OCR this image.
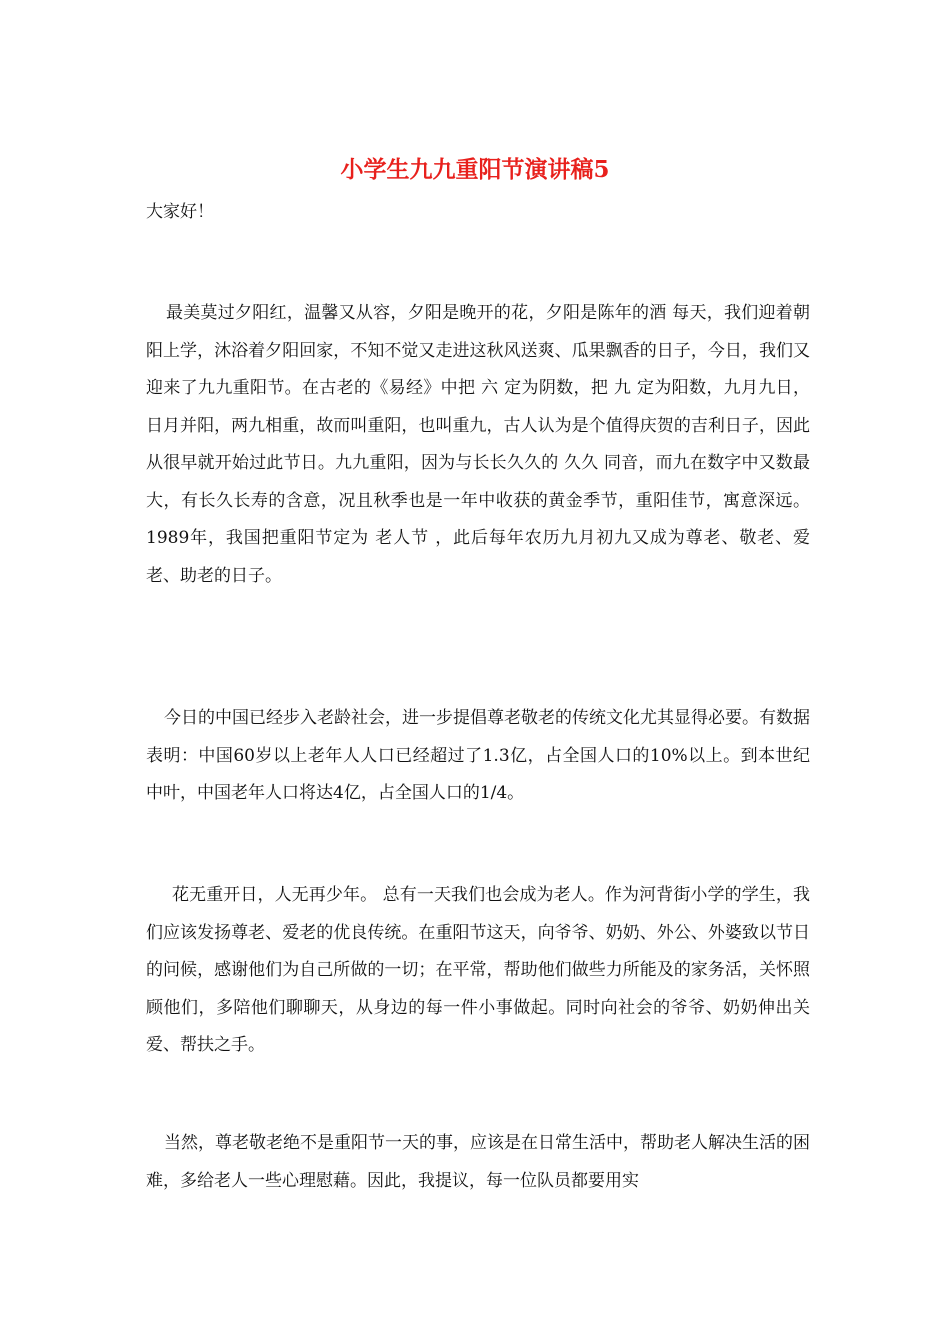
小学生九九重阳节演讲稿5
大家好！

最美莫过夕阳红，温馨又从容，夕阳是晚开的花，夕阳是陈年的酒 每天，我们迎着朝阳上学，沐浴着夕阳回家，不知不觉又走进这秋风送爽、瓜果飘香的日子，今日，我们又迎来了九九重阳节。在古老的《易经》中把 六 定为阴数，把 九 定为阳数，九月九日，日月并阳，两九相重，故而叫重阳，也叫重九，古人认为是个值得庆贺的吉利日子，因此从很早就开始过此节日。九九重阳，因为与长长久久的 久久 同音，而九在数字中又数最大，有长久长寿的含意，况且秋季也是一年中收获的黄金季节，重阳佳节，寓意深远。1989年，我国把重阳节定为 老人节 ，此后每年农历九月初九又成为尊老、敬老、爱老、助老的日子。

今日的中国已经步入老龄社会，进一步提倡尊老敬老的传统文化尤其显得必要。有数据表明：中国60岁以上老年人人口已经超过了1.3亿，占全国人口的10%以上。到本世纪中叶，中国老年人口将达4亿，占全国人口的1/4。

花无重开日，人无再少年。 总有一天我们也会成为老人。作为河背街小学的学生，我们应该发扬尊老、爱老的优良传统。在重阳节这天，向爷爷、奶奶、外公、外婆致以节日的问候，感谢他们为自己所做的一切；在平常，帮助他们做些力所能及的家务活，关怀照顾他们，多陪他们聊聊天，从身边的每一件小事做起。同时向社会的爷爷、奶奶伸出关爱、帮扶之手。

当然，尊老敬老绝不是重阳节一天的事，应该是在日常生活中，帮助老人解决生活的困难，多给老人一些心理慰藉。因此，我提议，每一位队员都要用实
